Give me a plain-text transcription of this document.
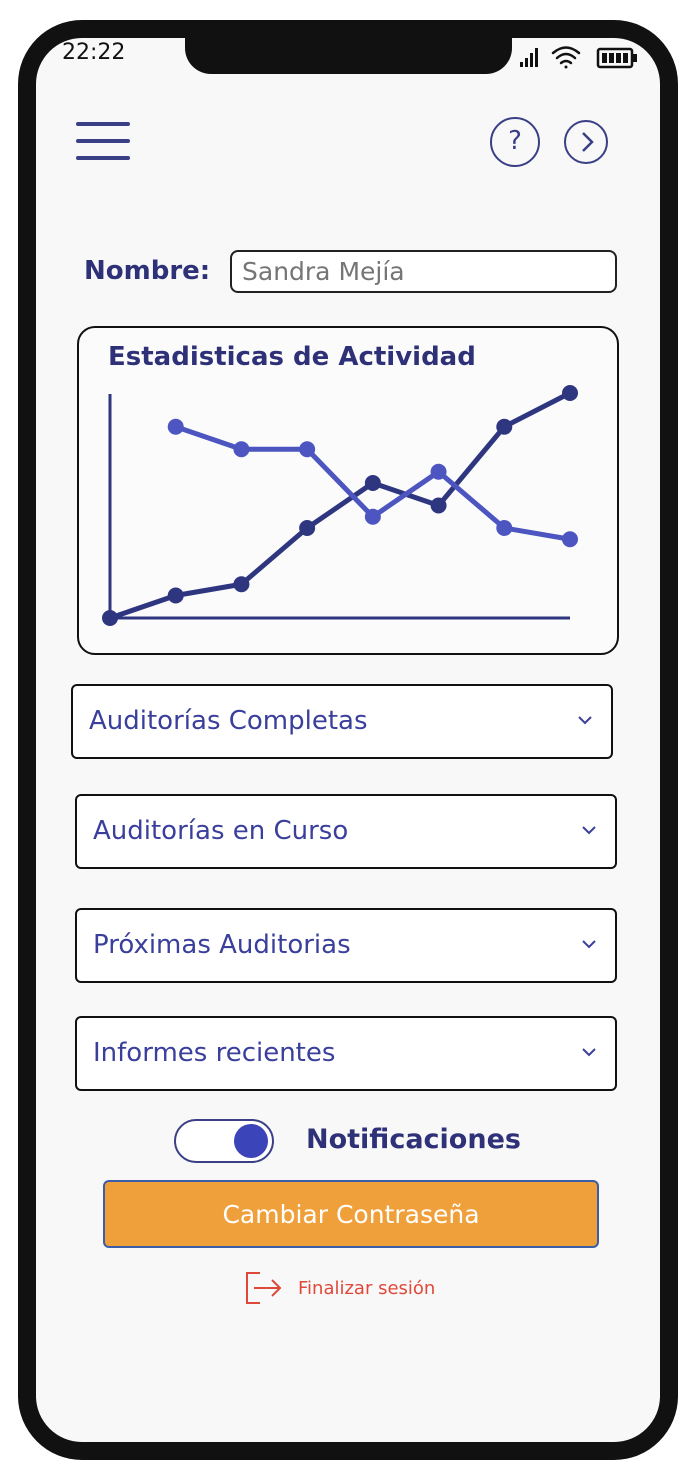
22:22
?
Nombre:
Sandra Mejía
Estadisticas de Actividad
Auditorías Completas
Auditorías en Curso
Próximas Auditorias
Informes recientes
Notificaciones
Cambiar Contraseña
Finalizar sesión
